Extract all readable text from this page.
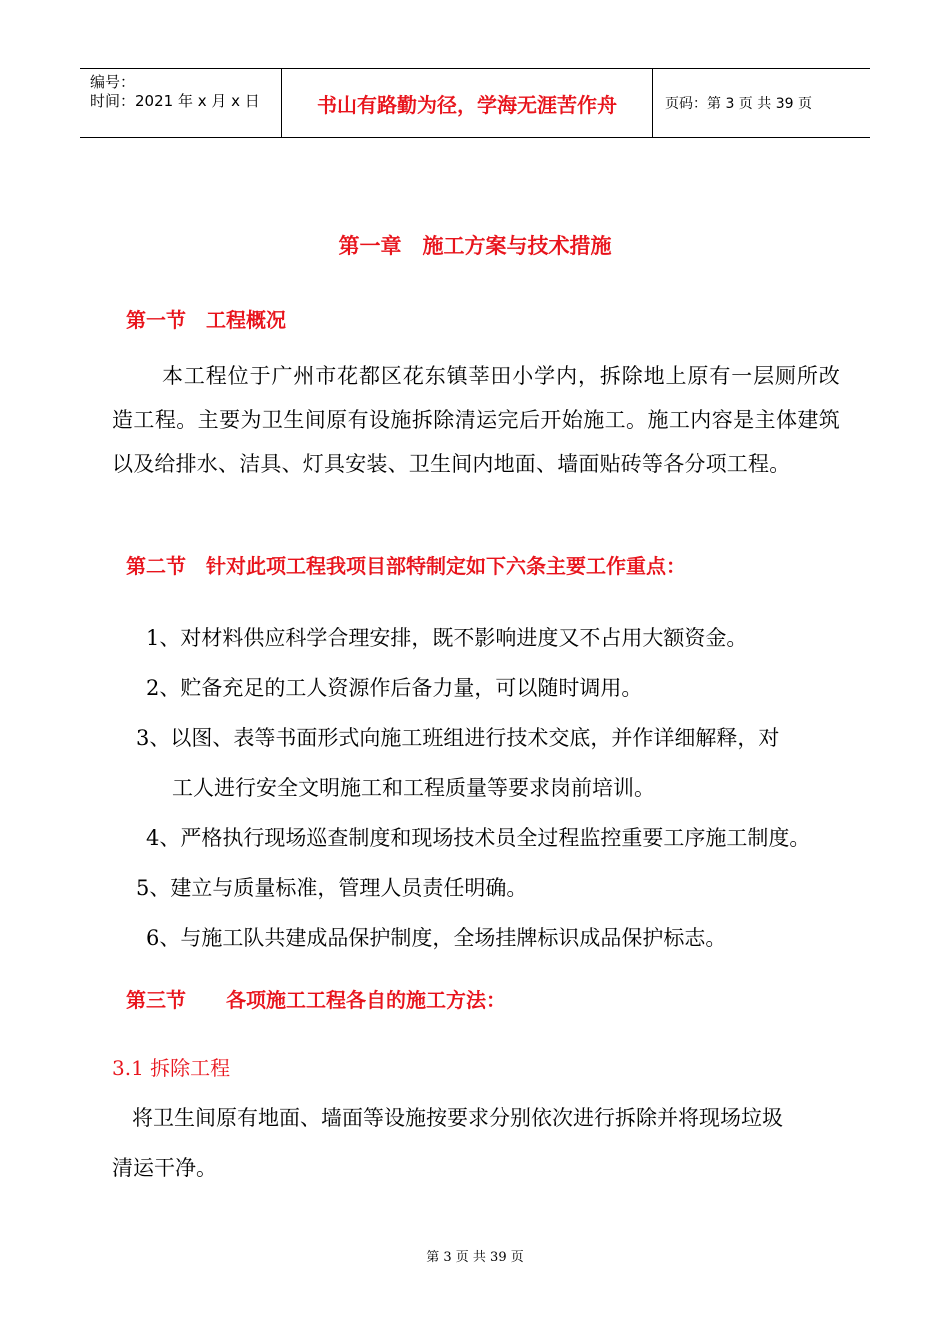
编号：
时间：2021 年 x 月 x 日	书山有路勤为径，学海无涯苦作舟	页码：第 3 页 共 39 页
第一章　施工方案与技术措施
第一节　工程概况
本工程位于广州市花都区花东镇莘田小学内，拆除地上原有一层厕所改造工程。主要为卫生间原有设施拆除清运完后开始施工。施工内容是主体建筑以及给排水、洁具、灯具安装、卫生间内地面、墙面贴砖等各分项工程。
第二节　针对此项工程我项目部特制定如下六条主要工作重点：
1、对材料供应科学合理安排，既不影响进度又不占用大额资金。
2、贮备充足的工人资源作后备力量，可以随时调用。
3、以图、表等书面形式向施工班组进行技术交底，并作详细解释，对
工人进行安全文明施工和工程质量等要求岗前培训。
4、严格执行现场巡查制度和现场技术员全过程监控重要工序施工制度。
5、建立与质量标准，管理人员责任明确。
6、与施工队共建成品保护制度，全场挂牌标识成品保护标志。
第三节　　各项施工工程各自的施工方法：
3.1 拆除工程
将卫生间原有地面、墙面等设施按要求分别依次进行拆除并将现场垃圾
清运干净。
第 3 页 共 39 页
